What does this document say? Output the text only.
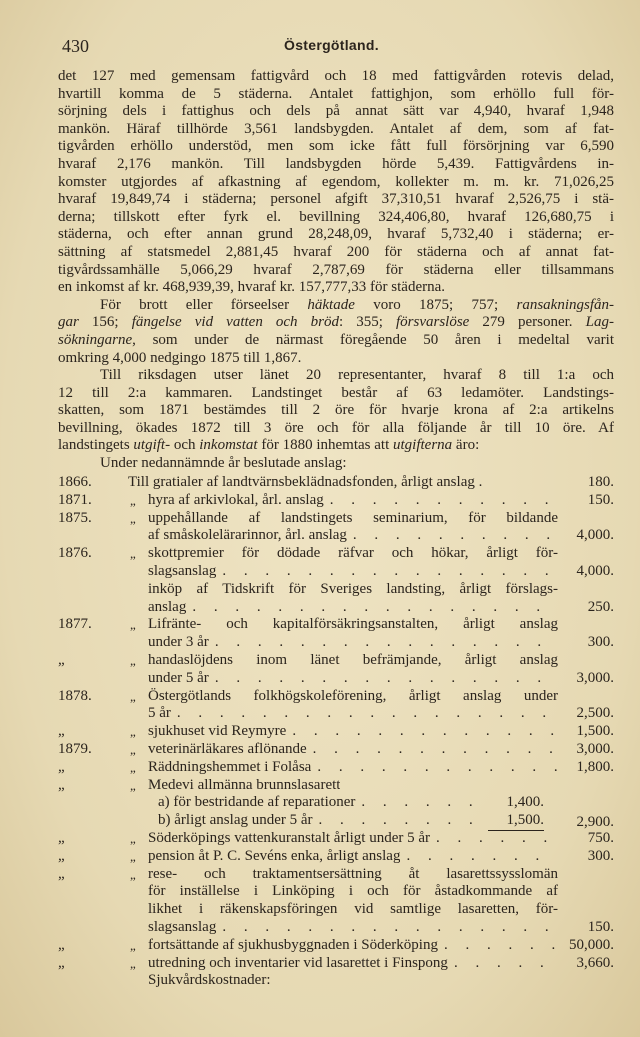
430	Östergötland.
det 127 med gemensam fattigvård och 18 med fattigvården rotevis delad,
hvartill komma de 5 städerna. Antalet fattighjon, som erhöllo full för-
sörjning dels i fattighus och dels på annat sätt var 4,940, hvaraf 1,948
mankön. Häraf tillhörde 3,561 landsbygden. Antalet af dem, som af fat-
tigvården erhöllo understöd, men som icke fått full försörjning var 6,590
hvaraf 2,176 mankön. Till landsbygden hörde 5,439. Fattigvårdens in-
komster utgjordes af afkastning af egendom, kollekter m. m. kr. 71,026,25
hvaraf 19,849,74 i städerna; personel afgift 37,310,51 hvaraf 2,526,75 i stä-
derna; tillskott efter fyrk el. bevillning 324,406,80, hvaraf 126,680,75 i
städerna, och efter annan grund 28,248,09, hvaraf 5,732,40 i städerna; er-
sättning af statsmedel 2,881,45 hvaraf 200 för städerna och af annat fat-
tigvårdssamhälle 5,066,29 hvaraf 2,787,69 för städerna eller tillsammans
en inkomst af kr. 468,939,39, hvaraf kr. 157,777,33 för städerna.
För brott eller förseelser häktade voro 1875; 757; ransakningsfån-
gar 156; fängelse vid vatten och bröd: 355; försvarslöse 279 personer. Lag-
sökningarne, som under de närmast föregående 50 åren i medeltal varit
omkring 4,000 nedgingo 1875 till 1,867.
Till riksdagen utser länet 20 representanter, hvaraf 8 till 1:a och
12 till 2:a kammaren. Landstinget består af 63 ledamöter. Landstings-
skatten, som 1871 bestämdes till 2 öre för hvarje krona af 2:a artikelns
bevillning, ökades 1872 till 3 öre och för alla följande år till 10 öre. Af
landstingets utgift- och inkomstat för 1880 inhemtas att utgifterna äro:
Under nedannämnde år beslutade anslag:
1866. Till gratialer af landtvärnsbeklädnadsfonden, årligt anslag .	180.
1871.	„ hyra af arkivlokal, årl. anslag . . .	150.
1875.	„ uppehållande af landstingets seminarium, för bildande
af småskolelärarinnor, årl. anslag . . .	4,000.
1876.	„ skottpremier för dödade räfvar och hökar, årligt för-
slagsanslag . . .	4,000.
inköp af Tidskrift för Sveriges landsting, årligt förslags-
anslag . . .	250.
1877.	„ Lifränte- och kapitalförsäkringsanstalten, årligt anslag
under 3 år . . .	300.
„	„ handaslöjdens inom länet befrämjande, årligt anslag
under 5 år . . .	3,000.
1878.	„ Östergötlands folkhögskoleförening, årligt anslag under
5 år . . .	2,500.
„	„ sjukhuset vid Reymyre . . .	1,500.
1879.	„ veterinärläkares aflönande . . .	3,000.
„	„ Räddningshemmet i Folåsa . . .	1,800.
„	„ Medevi allmänna brunnslasarett
a) för bestridande af reparationer . . .	1,400.
b) årligt anslag under 5 år . . .	1,500. 2,900.
„	„ Söderköpings vattenkuranstalt årligt under 5 år . . .	750.
„	„ pension åt P. C. Sevéns enka, årligt anslag . . .	300.
„	„ rese- och traktamentsersättning åt lasarettssysslomän
för inställelse i Linköping i och för åstadkommande af
likhet i räkenskapsföringen vid samtlige lasaretten, för-
slagsanslag . . .	150.
„	„ fortsättande af sjukhusbyggnaden i Söderköping . . .	50,000.
„	„ utredning och inventarier vid lasarettet i Finspong . . .	3,660.
Sjukvårdskostnader:
